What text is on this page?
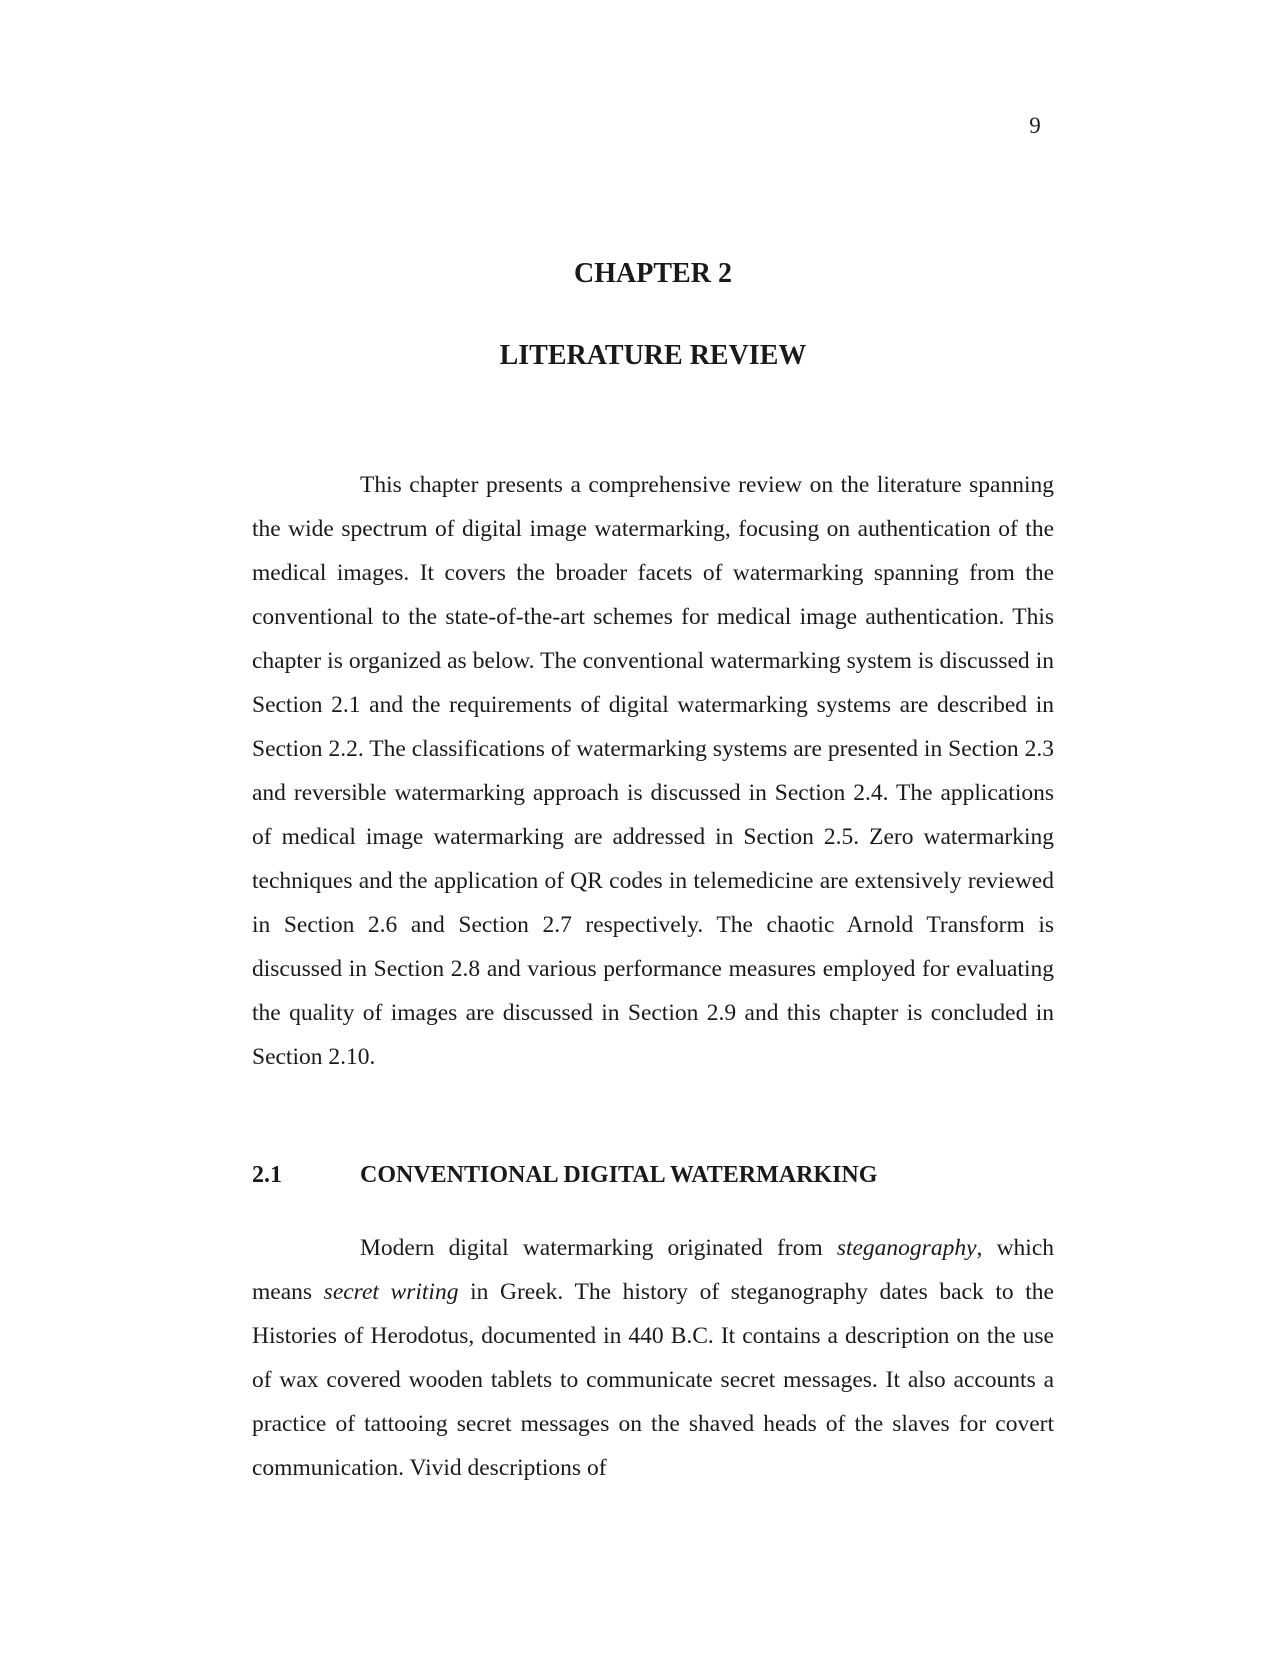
9
CHAPTER 2
LITERATURE REVIEW

This chapter presents a comprehensive review on the literature spanning the wide spectrum of digital image watermarking, focusing on authentication of the medical images. It covers the broader facets of watermarking spanning from the conventional to the state-of-the-art schemes for medical image authentication. This chapter is organized as below. The conventional watermarking system is discussed in Section 2.1 and the requirements of digital watermarking systems are described in Section 2.2. The classifications of watermarking systems are presented in Section 2.3 and reversible watermarking approach is discussed in Section 2.4. The applications of medical image watermarking are addressed in Section 2.5. Zero watermarking techniques and the application of QR codes in telemedicine are extensively reviewed in Section 2.6 and Section 2.7 respectively. The chaotic Arnold Transform is discussed in Section 2.8 and various performance measures employed for evaluating the quality of images are discussed in Section 2.9 and this chapter is concluded in Section 2.10.

2.1	CONVENTIONAL DIGITAL WATERMARKING

Modern digital watermarking originated from steganography, which means secret writing in Greek. The history of steganography dates back to the Histories of Herodotus, documented in 440 B.C. It contains a description on the use of wax covered wooden tablets to communicate secret messages. It also accounts a practice of tattooing secret messages on the shaved heads of the slaves for covert communication. Vivid descriptions of
